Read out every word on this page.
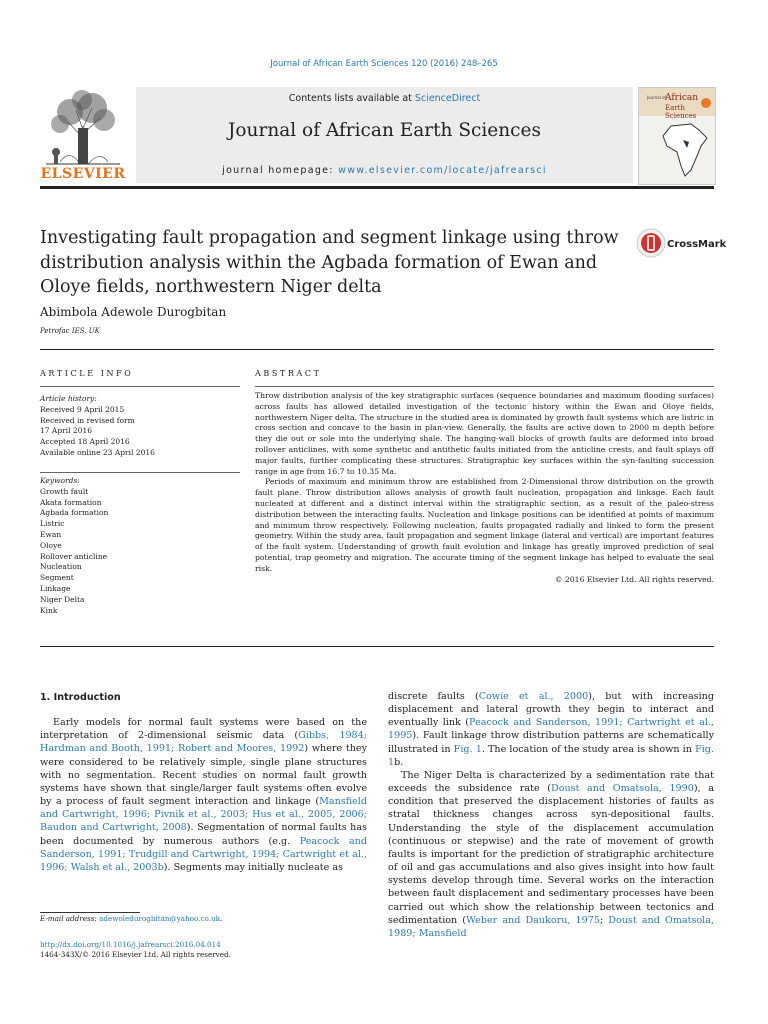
Journal of African Earth Sciences 120 (2016) 248–265
ELSEVIER
Contents lists available at ScienceDirect
Journal of African Earth Sciences
journal homepage: www.elsevier.com/locate/jafrearsci
Journal of African
Earth Sciences
Investigating fault propagation and segment linkage using throw distribution analysis within the Agbada formation of Ewan and Oloye fields, northwestern Niger delta
CrossMark
Abimbola Adewole Durogbitan
Petrofac IES, UK
ARTICLE INFO
Article history:
Received 9 April 2015
Received in revised form
17 April 2016
Accepted 18 April 2016
Available online 23 April 2016
Keywords:
Growth fault
Akata formation
Agbada formation
Listric
Ewan
Oloye
Rollover anticline
Nucleation
Segment
Linkage
Niger Delta
Kink
ABSTRACT

Throw distribution analysis of the key stratigraphic surfaces (sequence boundaries and maximum flooding surfaces) across faults has allowed detailed investigation of the tectonic history within the Ewan and Oloye fields, northwestern Niger delta. The structure in the studied area is dominated by growth fault systems which are listric in cross section and concave to the basin in plan-view. Generally, the faults are active down to 2000 m depth before they die out or sole into the underlying shale. The hanging-wall blocks of growth faults are deformed into broad rollover anticlines, with some synthetic and antithetic faults initiated from the anticline crests, and fault splays off major faults, further complicating these structures. Stratigraphic key surfaces within the syn-faulting succession range in age from 16.7 to 10.35 Ma.

Periods of maximum and minimum throw are established from 2-Dimensional throw distribution on the growth fault plane. Throw distribution allows analysis of growth fault nucleation, propagation and linkage. Each fault nucleated at different and a distinct interval within the stratigraphic section, as a result of the paleo-stress distribution between the interacting faults. Nucleation and linkage positions can be identified at points of maximum and minimum throw respectively. Following nucleation, faults propagated radially and linked to form the present geometry. Within the study area, fault propagation and segment linkage (lateral and vertical) are important features of the fault system. Understanding of growth fault evolution and linkage has greatly improved prediction of seal potential, trap geometry and migration. The accurate timing of the segment linkage has helped to evaluate the seal risk.

© 2016 Elsevier Ltd. All rights reserved.
1. Introduction

Early models for normal fault systems were based on the interpretation of 2-dimensional seismic data (Gibbs, 1984; Hardman and Booth, 1991; Robert and Moores, 1992) where they were considered to be relatively simple, single plane structures with no segmentation. Recent studies on normal fault growth systems have shown that single/larger fault systems often evolve by a process of fault segment interaction and linkage (Mansfield and Cartwright, 1996; Pivnik et al., 2003; Hus et al., 2005, 2006; Baudon and Cartwright, 2008). Segmentation of normal faults has been documented by numerous authors (e.g. Peacock and Sanderson, 1991; Trudgill and Cartwright, 1994; Cartwright et al., 1996; Walsh et al., 2003b). Segments may initially nucleate as

discrete faults (Cowie et al., 2000), but with increasing displacement and lateral growth they begin to interact and eventually link (Peacock and Sanderson, 1991; Cartwright et al., 1995). Fault linkage throw distribution patterns are schematically illustrated in Fig. 1. The location of the study area is shown in Fig. 1b.

The Niger Delta is characterized by a sedimentation rate that exceeds the subsidence rate (Doust and Omatsola, 1990), a condition that preserved the displacement histories of faults as stratal thickness changes across syn-depositional faults. Understanding the style of the displacement accumulation (continuous or stepwise) and the rate of movement of growth faults is important for the prediction of stratigraphic architecture of oil and gas accumulations and also gives insight into how fault systems develop through time. Several works on the interaction between fault displacement and sedimentary processes have been carried out which show the relationship between tectonics and sedimentation (Weber and Daukoru, 1975; Doust and Omatsola, 1989; Mansfield

E-mail address: adewoledurogbitan@yahoo.co.uk.
http://dx.doi.org/10.1016/j.jafrearsci.2016.04.014
1464-343X/© 2016 Elsevier Ltd. All rights reserved.
